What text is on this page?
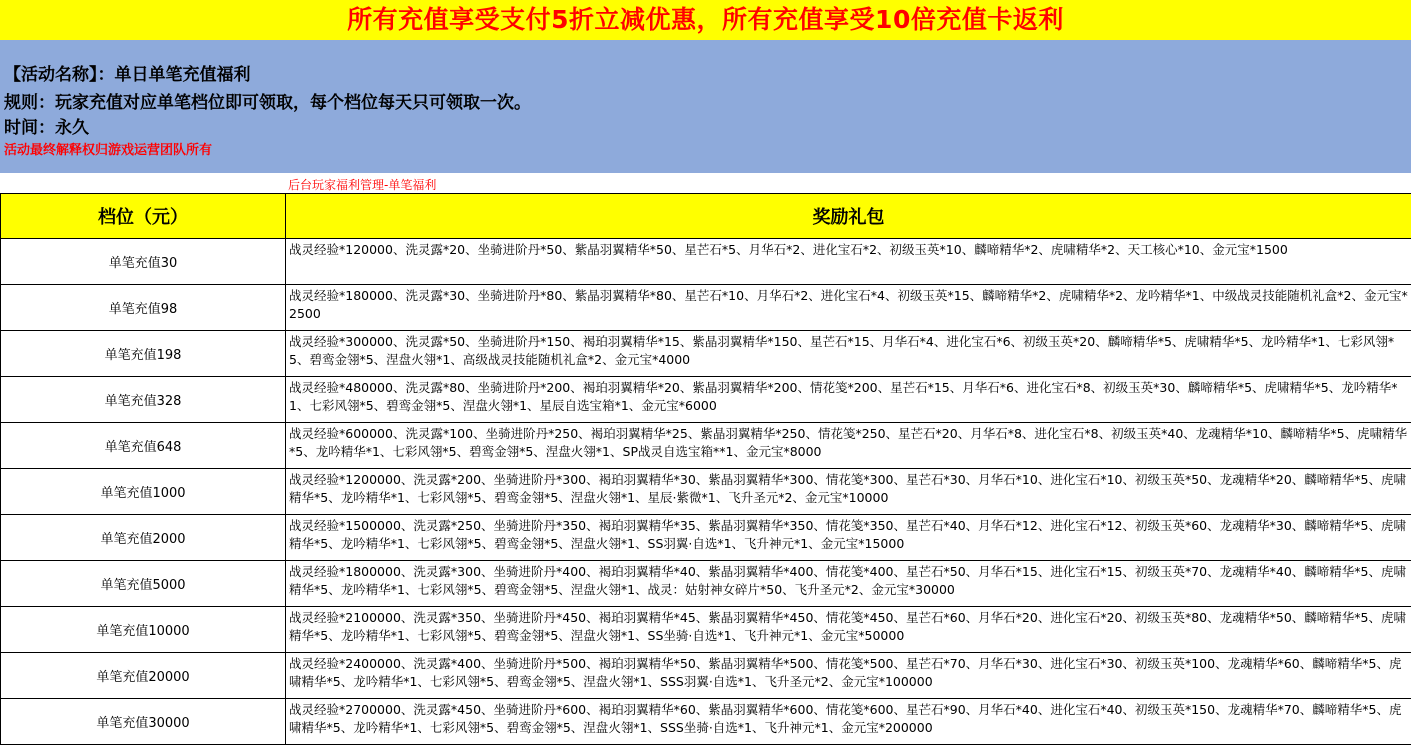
所有充值享受支付5折立减优惠，所有充值享受10倍充值卡返利
【活动名称】：单日单笔充值福利
规则：玩家充值对应单笔档位即可领取，每个档位每天只可领取一次。
时间：永久
活动最终解释权归游戏运营团队所有
后台玩家福利管理-单笔福利
档位（元）	奖励礼包
单笔充值30	战灵经验*120000、洗灵露*20、坐骑进阶丹*50、紫晶羽翼精华*50、星芒石*5、月华石*2、进化宝石*2、初级玉英*10、麟啼精华*2、虎啸精华*2、天工核心*10、金元宝*1500
单笔充值98	战灵经验*180000、洗灵露*30、坐骑进阶丹*80、紫晶羽翼精华*80、星芒石*10、月华石*2、进化宝石*4、初级玉英*15、麟啼精华*2、虎啸精华*2、龙吟精华*1、中级战灵技能随机礼盒*2、金元宝*2500
单笔充值198	战灵经验*300000、洗灵露*50、坐骑进阶丹*150、褐珀羽翼精华*15、紫晶羽翼精华*150、星芒石*15、月华石*4、进化宝石*6、初级玉英*20、麟啼精华*5、虎啸精华*5、龙吟精华*1、七彩风翎*5、碧鸾金翎*5、涅盘火翎*1、高级战灵技能随机礼盒*2、金元宝*4000
单笔充值328	战灵经验*480000、洗灵露*80、坐骑进阶丹*200、褐珀羽翼精华*20、紫晶羽翼精华*200、情花笺*200、星芒石*15、月华石*6、进化宝石*8、初级玉英*30、麟啼精华*5、虎啸精华*5、龙吟精华*1、七彩风翎*5、碧鸾金翎*5、涅盘火翎*1、星辰自选宝箱*1、金元宝*6000
单笔充值648	战灵经验*600000、洗灵露*100、坐骑进阶丹*250、褐珀羽翼精华*25、紫晶羽翼精华*250、情花笺*250、星芒石*20、月华石*8、进化宝石*8、初级玉英*40、龙魂精华*10、麟啼精华*5、虎啸精华*5、龙吟精华*1、七彩风翎*5、碧鸾金翎*5、涅盘火翎*1、SP战灵自选宝箱**1、金元宝*8000
单笔充值1000	战灵经验*1200000、洗灵露*200、坐骑进阶丹*300、褐珀羽翼精华*30、紫晶羽翼精华*300、情花笺*300、星芒石*30、月华石*10、进化宝石*10、初级玉英*50、龙魂精华*20、麟啼精华*5、虎啸精华*5、龙吟精华*1、七彩风翎*5、碧鸾金翎*5、涅盘火翎*1、星辰·紫微*1、飞升圣元*2、金元宝*10000
单笔充值2000	战灵经验*1500000、洗灵露*250、坐骑进阶丹*350、褐珀羽翼精华*35、紫晶羽翼精华*350、情花笺*350、星芒石*40、月华石*12、进化宝石*12、初级玉英*60、龙魂精华*30、麟啼精华*5、虎啸精华*5、龙吟精华*1、七彩风翎*5、碧鸾金翎*5、涅盘火翎*1、SS羽翼·自选*1、飞升神元*1、金元宝*15000
单笔充值5000	战灵经验*1800000、洗灵露*300、坐骑进阶丹*400、褐珀羽翼精华*40、紫晶羽翼精华*400、情花笺*400、星芒石*50、月华石*15、进化宝石*15、初级玉英*70、龙魂精华*40、麟啼精华*5、虎啸精华*5、龙吟精华*1、七彩风翎*5、碧鸾金翎*5、涅盘火翎*1、战灵：姑射神女碎片*50、飞升圣元*2、金元宝*30000
单笔充值10000	战灵经验*2100000、洗灵露*350、坐骑进阶丹*450、褐珀羽翼精华*45、紫晶羽翼精华*450、情花笺*450、星芒石*60、月华石*20、进化宝石*20、初级玉英*80、龙魂精华*50、麟啼精华*5、虎啸精华*5、龙吟精华*1、七彩风翎*5、碧鸾金翎*5、涅盘火翎*1、SS坐骑·自选*1、飞升神元*1、金元宝*50000
单笔充值20000	战灵经验*2400000、洗灵露*400、坐骑进阶丹*500、褐珀羽翼精华*50、紫晶羽翼精华*500、情花笺*500、星芒石*70、月华石*30、进化宝石*30、初级玉英*100、龙魂精华*60、麟啼精华*5、虎啸精华*5、龙吟精华*1、七彩风翎*5、碧鸾金翎*5、涅盘火翎*1、SSS羽翼·自选*1、飞升圣元*2、金元宝*100000
单笔充值30000	战灵经验*2700000、洗灵露*450、坐骑进阶丹*600、褐珀羽翼精华*60、紫晶羽翼精华*600、情花笺*600、星芒石*90、月华石*40、进化宝石*40、初级玉英*150、龙魂精华*70、麟啼精华*5、虎啸精华*5、龙吟精华*1、七彩风翎*5、碧鸾金翎*5、涅盘火翎*1、SSS坐骑·自选*1、飞升神元*1、金元宝*200000
